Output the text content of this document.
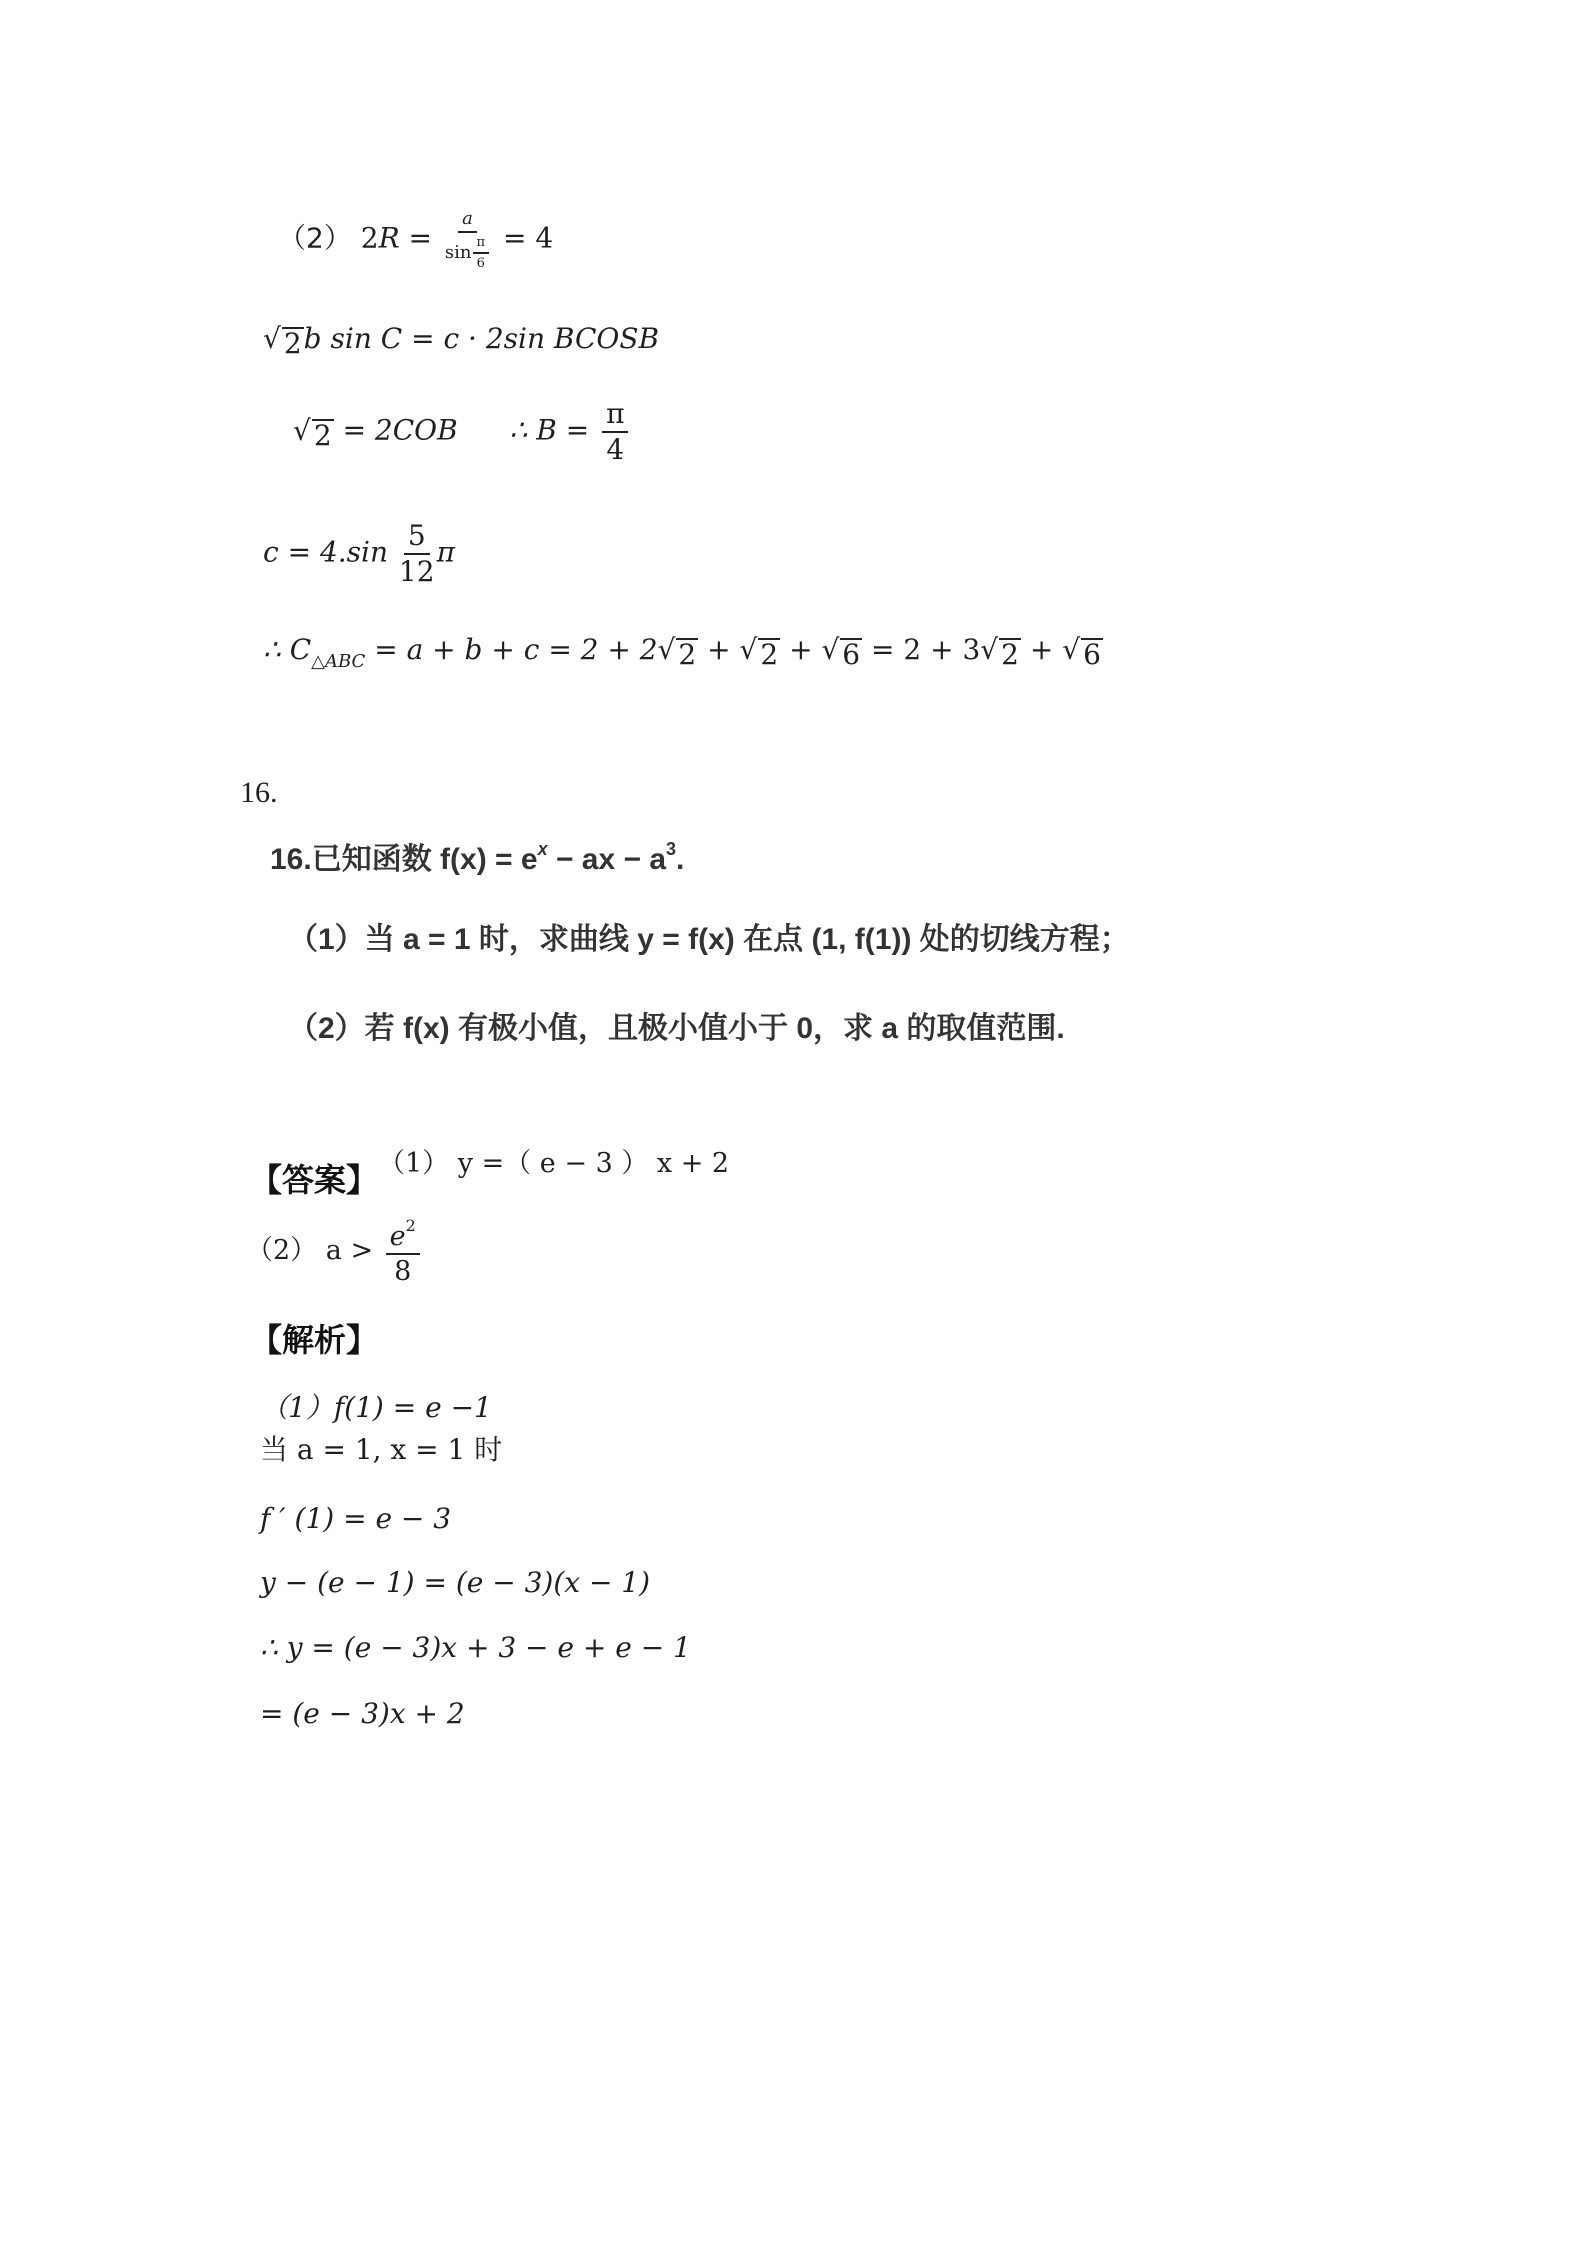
（2） $2R = \frac{a}{\sin \frac{\pi}{6}} = 4$
√ 2 b sin C = c · 2sin BCOSB
√ 2 = 2COB ∴ $B = \frac{\pi}{4}$
$c = 4.\sin \frac{5}{12}$ π
∴ $C_{\triangle ABC} = a + b + c = 2 + 2$ √ 2 + √ 2 + √ 6 = 2 + 3 √ 2 + √ 6
16.
16.已知函数 $f(x) = e^x$ − ax − $a^3$.
（1）当 a = 1 时，求曲线 y = f(x) 在点 (1, f(1)) 处的切线方程；
（2）若 f(x) 有极小值，且极小值小于 0，求 a 的取值范围.
【答案】 （1） y =（ e − 3 ） x + 2
（2） $a > \frac{e^2}{8}$
【解析】
（1）f(1) = e −1
当 a = 1, x = 1 时
f ′ (1) = e − 3
y − (e − 1) = (e − 3)(x − 1)
∴ y = (e − 3)x + 3 − e + e − 1
= (e − 3)x + 2
